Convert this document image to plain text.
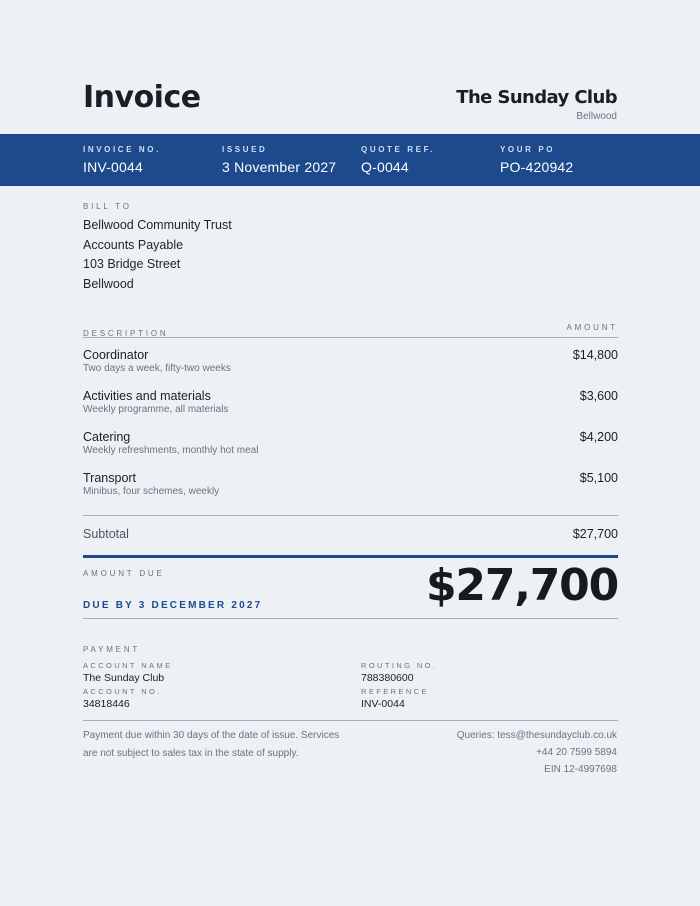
Invoice	The Sunday Club
Bellwood
INVOICE NO.
INV-0044
ISSUED
3 November 2027
QUOTE REF.
Q-0044
YOUR PO
PO-420942
BILL TO
Bellwood Community Trust
Accounts Payable
103 Bridge Street
Bellwood
DESCRIPTION
AMOUNT
Coordinator
Two days a week, fifty-two weeks
$14,800
Activities and materials
Weekly programme, all materials
$3,600
Catering
Weekly refreshments, monthly hot meal
$4,200
Transport
Minibus, four schemes, weekly
$5,100
Subtotal	$27,700
AMOUNT DUE
DUE BY 3 DECEMBER 2027	$27,700
PAYMENT
ACCOUNT NAME
The Sunday Club
ACCOUNT NO.
34818446
ROUTING NO.
788380600
REFERENCE
INV-0044
Payment due within 30 days of the date of issue. Services are not subject to sales tax in the state of supply.
Queries: tess@thesundayclub.co.uk
+44 20 7599 5894
EIN 12-4997698
